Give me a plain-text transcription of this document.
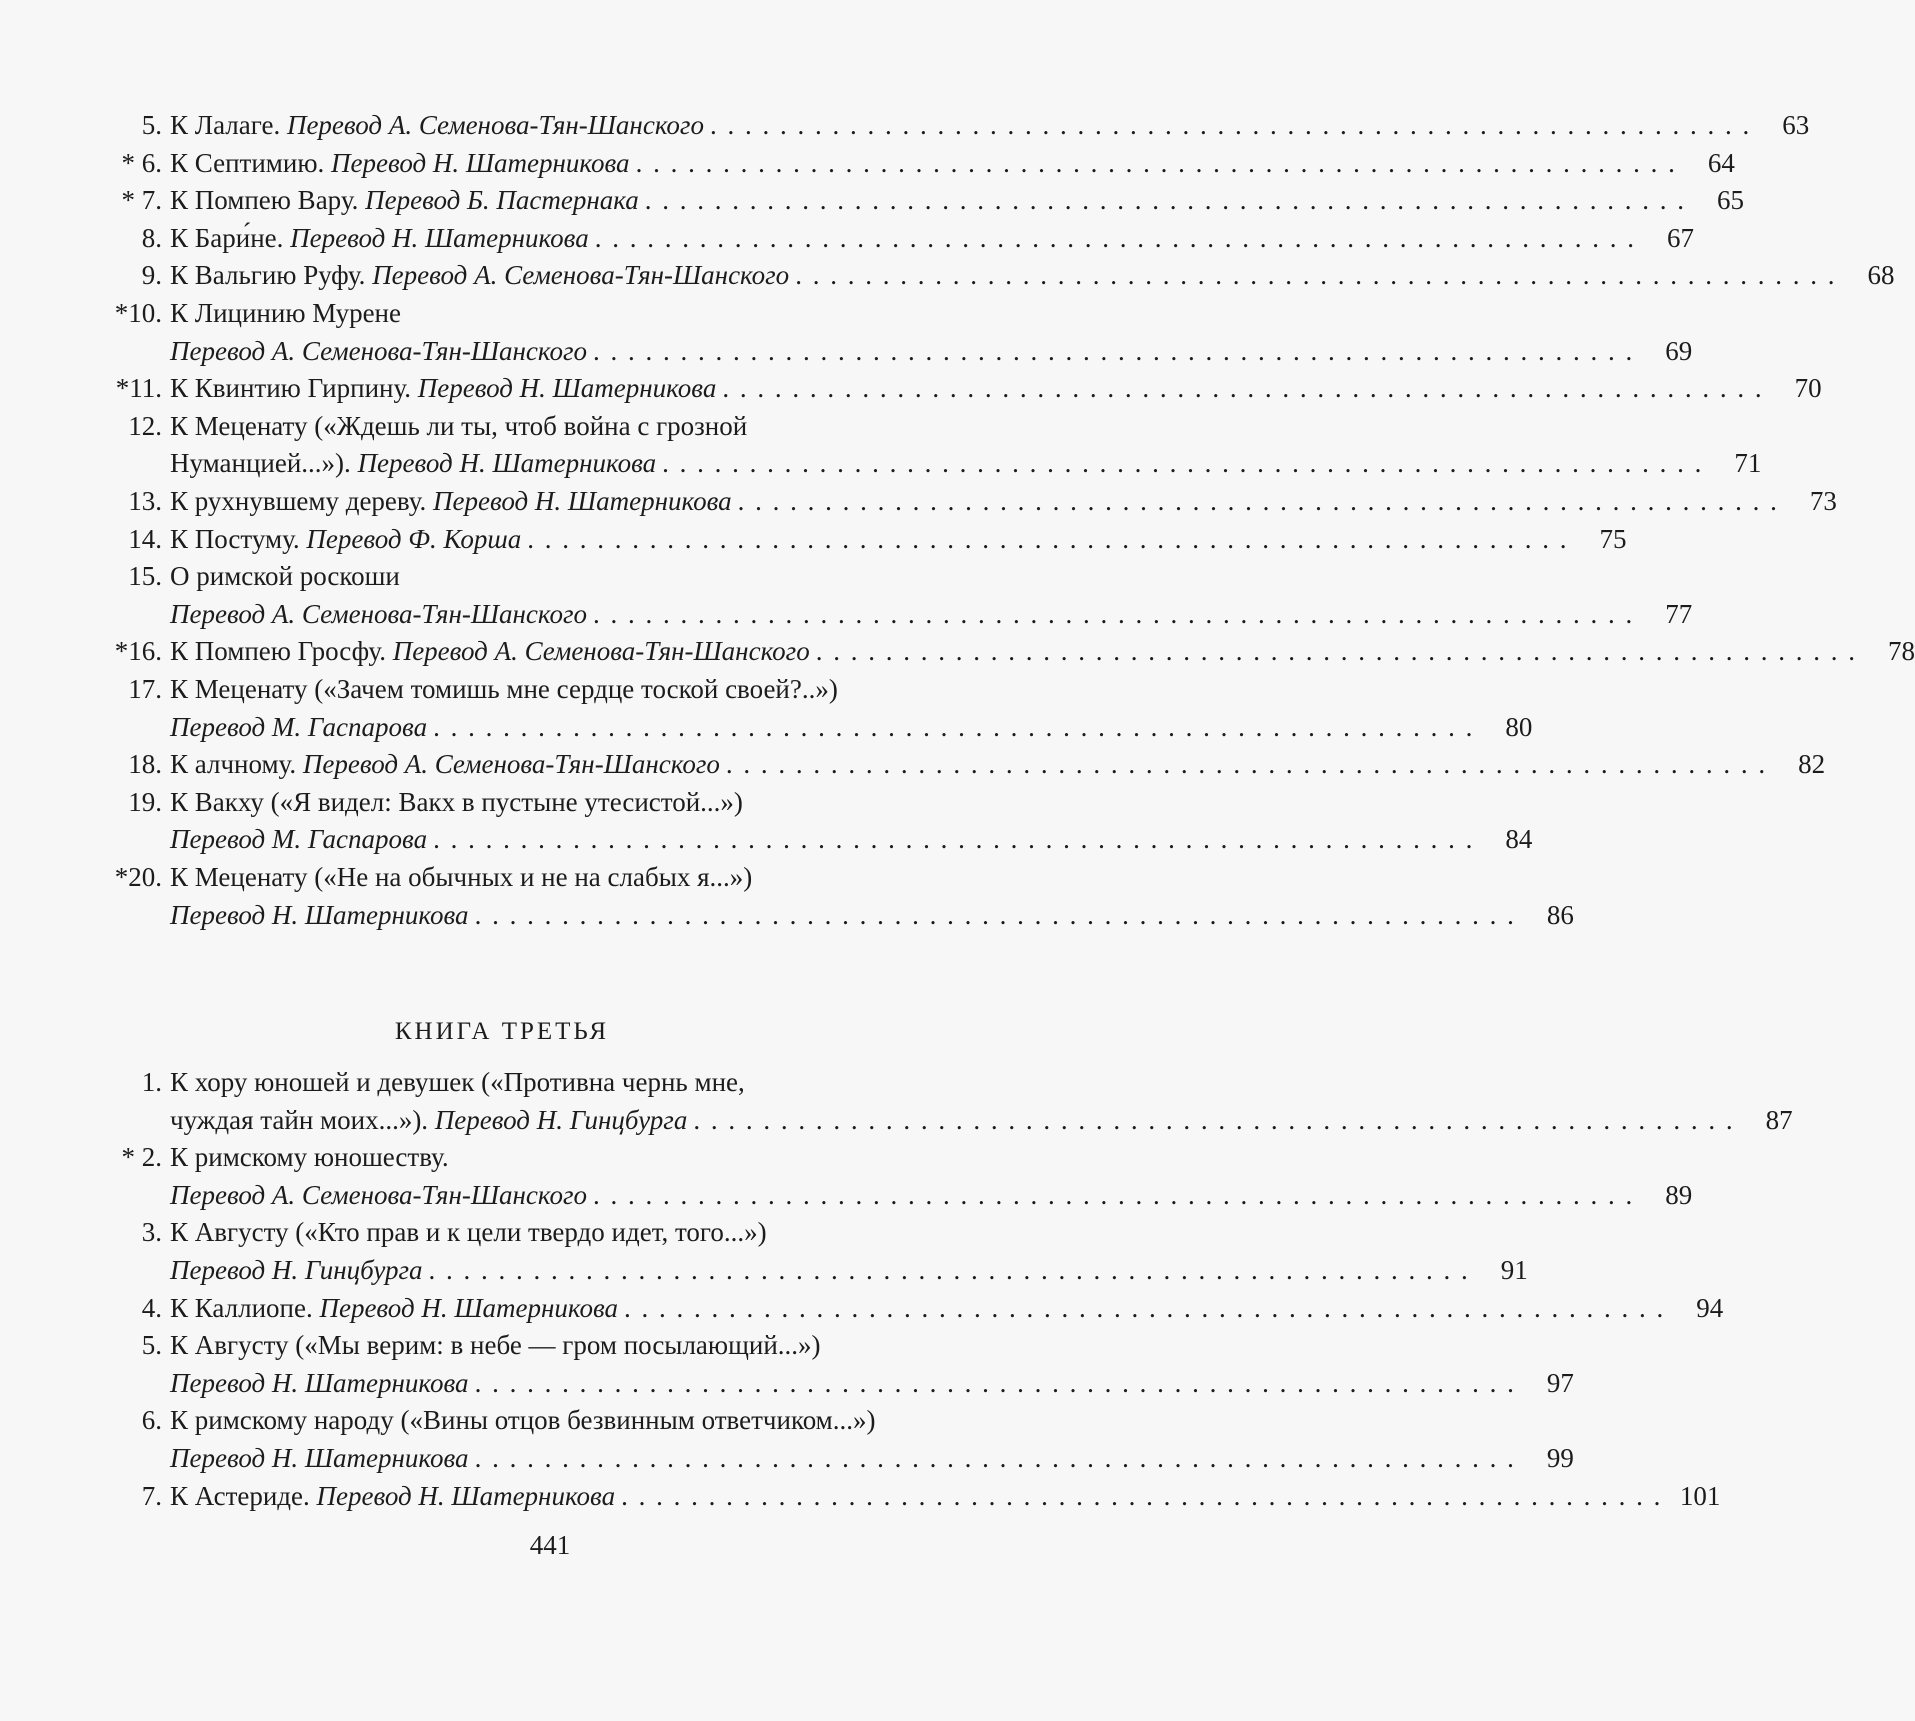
5. К Лалаге. Перевод А. Семенова-Тян-Шанского . . . . . . . . . . . . . . . . . . . . . . . . . . . . . . . . . . . . . . . . . . . . . . . . . . . . . . . . . . . .	63
* 6. К Септимию. Перевод Н. Шатерникова . . . . . . . . . . . . . . . . . . . . . . . . . . . . . . . . . . . . . . . . . . . . . . . . . . . . . . . . . . . .	64
* 7. К Помпею Вару. Перевод Б. Пастернака . . . . . . . . . . . . . . . . . . . . . . . . . . . . . . . . . . . . . . . . . . . . . . . . . . . . . . . . . . . .	65
8. К Бари́не. Перевод Н. Шатерникова . . . . . . . . . . . . . . . . . . . . . . . . . . . . . . . . . . . . . . . . . . . . . . . . . . . . . . . . . . . .	67
9. К Вальгию Руфу. Перевод А. Семенова-Тян-Шанского . . . . . . . . . . . . . . . . . . . . . . . . . . . . . . . . . . . . . . . . . . . . . . . . . . . . . . . . . . . .	68
*10. К Лицинию Мурене
Перевод А. Семенова-Тян-Шанского . . . . . . . . . . . . . . . . . . . . . . . . . . . . . . . . . . . . . . . . . . . . . . . . . . . . . . . . . . . .	69
*11. К Квинтию Гирпину. Перевод Н. Шатерникова . . . . . . . . . . . . . . . . . . . . . . . . . . . . . . . . . . . . . . . . . . . . . . . . . . . . . . . . . . . .	70
12. К Меценату («Ждешь ли ты, чтоб война с грозной
Нуманцией...»). Перевод Н. Шатерникова . . . . . . . . . . . . . . . . . . . . . . . . . . . . . . . . . . . . . . . . . . . . . . . . . . . . . . . . . . . .	71
13. К рухнувшему дереву. Перевод Н. Шатерникова . . . . . . . . . . . . . . . . . . . . . . . . . . . . . . . . . . . . . . . . . . . . . . . . . . . . . . . . . . . .	73
14. К Постуму. Перевод Ф. Корша . . . . . . . . . . . . . . . . . . . . . . . . . . . . . . . . . . . . . . . . . . . . . . . . . . . . . . . . . . . .	75
15. О римской роскоши
Перевод А. Семенова-Тян-Шанского . . . . . . . . . . . . . . . . . . . . . . . . . . . . . . . . . . . . . . . . . . . . . . . . . . . . . . . . . . . .	77
*16. К Помпею Гросфу. Перевод А. Семенова-Тян-Шанского . . . . . . . . . . . . . . . . . . . . . . . . . . . . . . . . . . . . . . . . . . . . . . . . . . . . . . . . . . . .	78
17. К Меценату («Зачем томишь мне сердце тоской своей?..»)
Перевод М. Гаспарова . . . . . . . . . . . . . . . . . . . . . . . . . . . . . . . . . . . . . . . . . . . . . . . . . . . . . . . . . . . .	80
18. К алчному. Перевод А. Семенова-Тян-Шанского . . . . . . . . . . . . . . . . . . . . . . . . . . . . . . . . . . . . . . . . . . . . . . . . . . . . . . . . . . . .	82
19. К Вакху («Я видел: Вакх в пустыне утесистой...»)
Перевод М. Гаспарова . . . . . . . . . . . . . . . . . . . . . . . . . . . . . . . . . . . . . . . . . . . . . . . . . . . . . . . . . . . .	84
*20. К Меценату («Не на обычных и не на слабых я...»)
Перевод Н. Шатерникова . . . . . . . . . . . . . . . . . . . . . . . . . . . . . . . . . . . . . . . . . . . . . . . . . . . . . . . . . . . .	86
1. К хору юношей и девушек («Противна чернь мне,
чуждая тайн моих...»). Перевод Н. Гинцбурга . . . . . . . . . . . . . . . . . . . . . . . . . . . . . . . . . . . . . . . . . . . . . . . . . . . . . . . . . . . .	87
* 2. К римскому юношеству.
Перевод А. Семенова-Тян-Шанского . . . . . . . . . . . . . . . . . . . . . . . . . . . . . . . . . . . . . . . . . . . . . . . . . . . . . . . . . . . .	89
3. К Августу («Кто прав и к цели твердо идет, того...»)
Перевод Н. Гинцбурга . . . . . . . . . . . . . . . . . . . . . . . . . . . . . . . . . . . . . . . . . . . . . . . . . . . . . . . . . . . .	91
4. К Каллиопе. Перевод Н. Шатерникова . . . . . . . . . . . . . . . . . . . . . . . . . . . . . . . . . . . . . . . . . . . . . . . . . . . . . . . . . . . .	94
5. К Августу («Мы верим: в небе — гром посылающий...»)
Перевод Н. Шатерникова . . . . . . . . . . . . . . . . . . . . . . . . . . . . . . . . . . . . . . . . . . . . . . . . . . . . . . . . . . . .	97
6. К римскому народу («Вины отцов безвинным ответчиком...»)
Перевод Н. Шатерникова . . . . . . . . . . . . . . . . . . . . . . . . . . . . . . . . . . . . . . . . . . . . . . . . . . . . . . . . . . . .	99
7. К Астериде. Перевод Н. Шатерникова . . . . . . . . . . . . . . . . . . . . . . . . . . . . . . . . . . . . . . . . . . . . . . . . . . . . . . . . . . . . 101
КНИГА ТРЕТЬЯ
441
